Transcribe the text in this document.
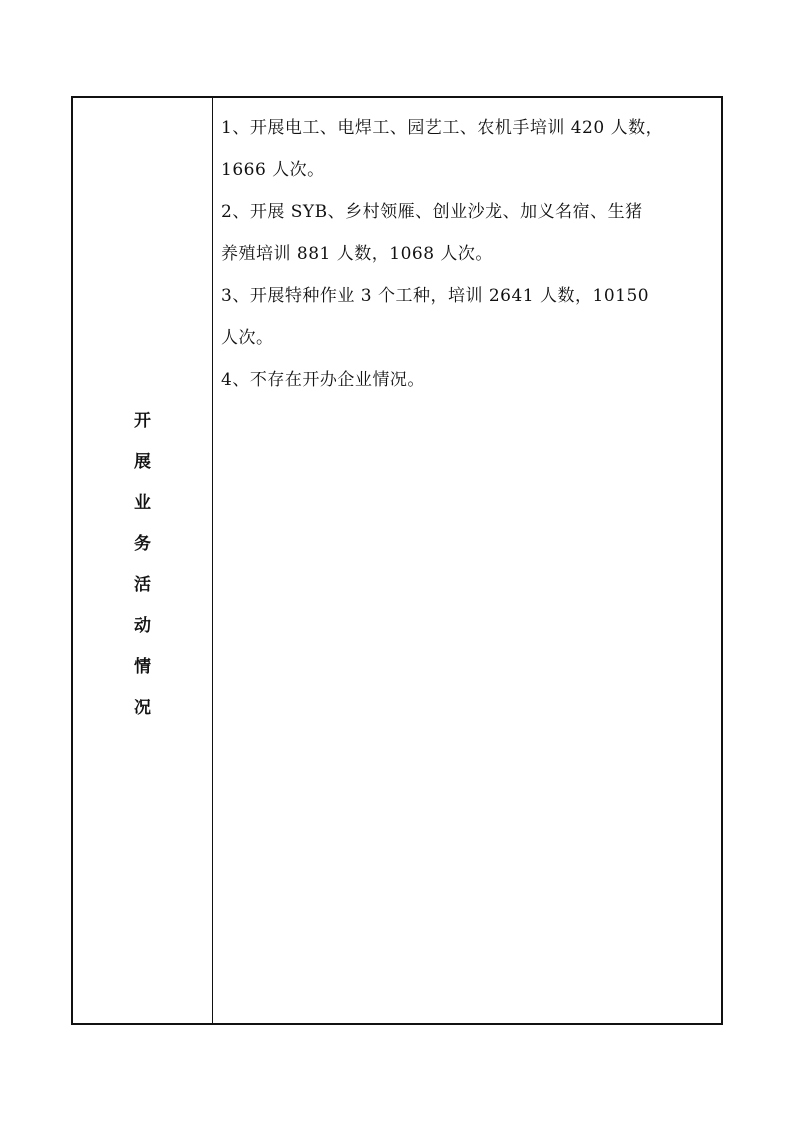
开
展
业
务
活
动
情
况
1、开展电工、电焊工、园艺工、农机手培训 420 人数，
1666 人次。
2、开展 SYB、乡村领雁、创业沙龙、加义名宿、生猪
养殖培训 881 人数，1068 人次。
3、开展特种作业 3 个工种，培训 2641 人数，10150
人次。
4、不存在开办企业情况。
